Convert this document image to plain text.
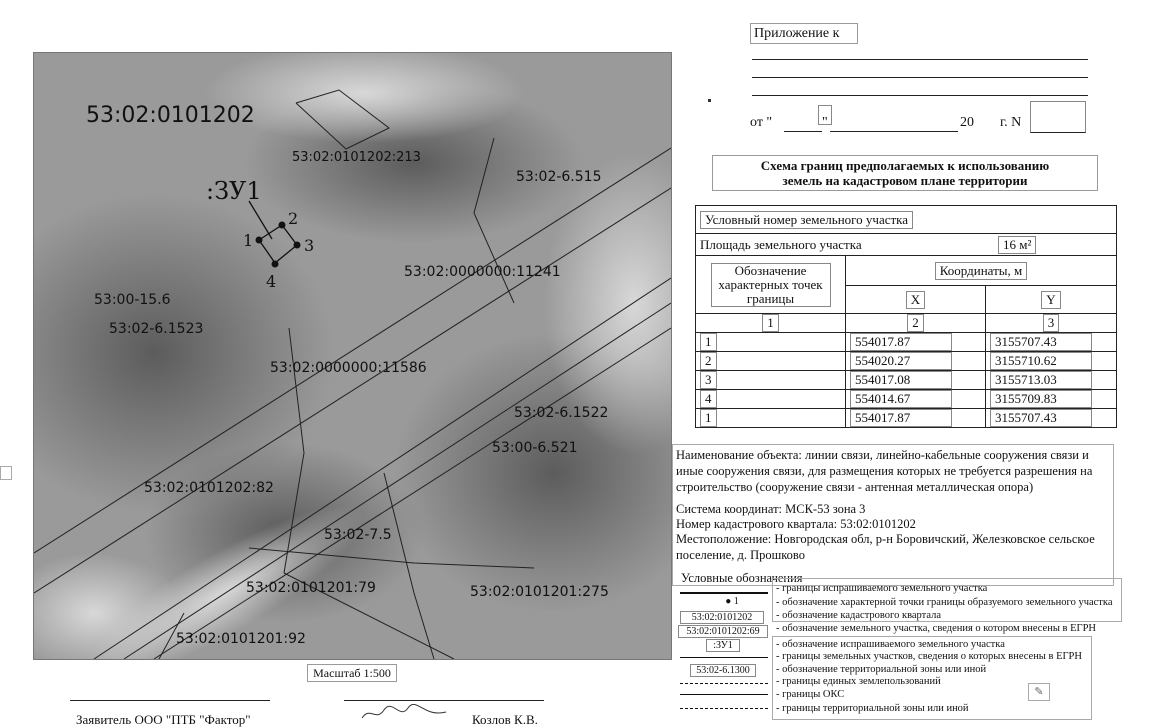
53:02:0101202
:ЗУ1
1
2
3
4
53:02:0101202:213
53:02-6.515
53:02:0000000:11241
53:00-15.6
53:02-6.1523
53:02:0000000:11586
53:02-6.1522
53:00-6.521
53:02:0101202:82
53:02-7.5
53:02:0101201:79	53:02:0101201:275
53:02:0101201:92
Масштаб 1:500
Приложение к
от "	"	20 г. N
Схема границ предполагаемых к использованию земель на кадастровом плане территории
Условный номер земельного участка		
Площадь земельного участка 16 м²		

Обозначение характерных точек границы	Координаты, м	
	X	Y
1	2	3
1	554017.87	3155707.43
2	554020.27	3155710.62
3	554017.08	3155713.03
4	554014.67	3155709.83
1	554017.87	3155707.43
Наименование объекта: линии связи, линейно-кабельные сооружения связи и иные сооружения связи, для размещения которых не требуется разрешения на строительство (сооружение связи - антенная металлическая опора)
Система координат: МСК-53 зона 3
Номер кадастрового квартала: 53:02:0101202
Местоположение: Новгородская обл, р-н Боровичский, Железковское сельское поселение, д. Прошково
Условные обозначения
● 1
53:02:0101202
53:02:0101202:69
:ЗУ1
53:02-6.1300
- границы испрашиваемого земельного участка
- обозначение характерной точки границы образуемого земельного участка
- обозначение кадастрового квартала
- обозначение земельного участка, сведения о котором внесены в ЕГРН
- обозначение испрашиваемого земельного участка
- границы земельных участков, сведения о которых внесены в ЕГРН
- обозначение территориальной зоны или иной
- границы единых землепользований
- границы ОКС
- границы территориальной зоны или иной
✎
Заявитель ООО "ПТБ "Фактор"	Козлов К.В.
